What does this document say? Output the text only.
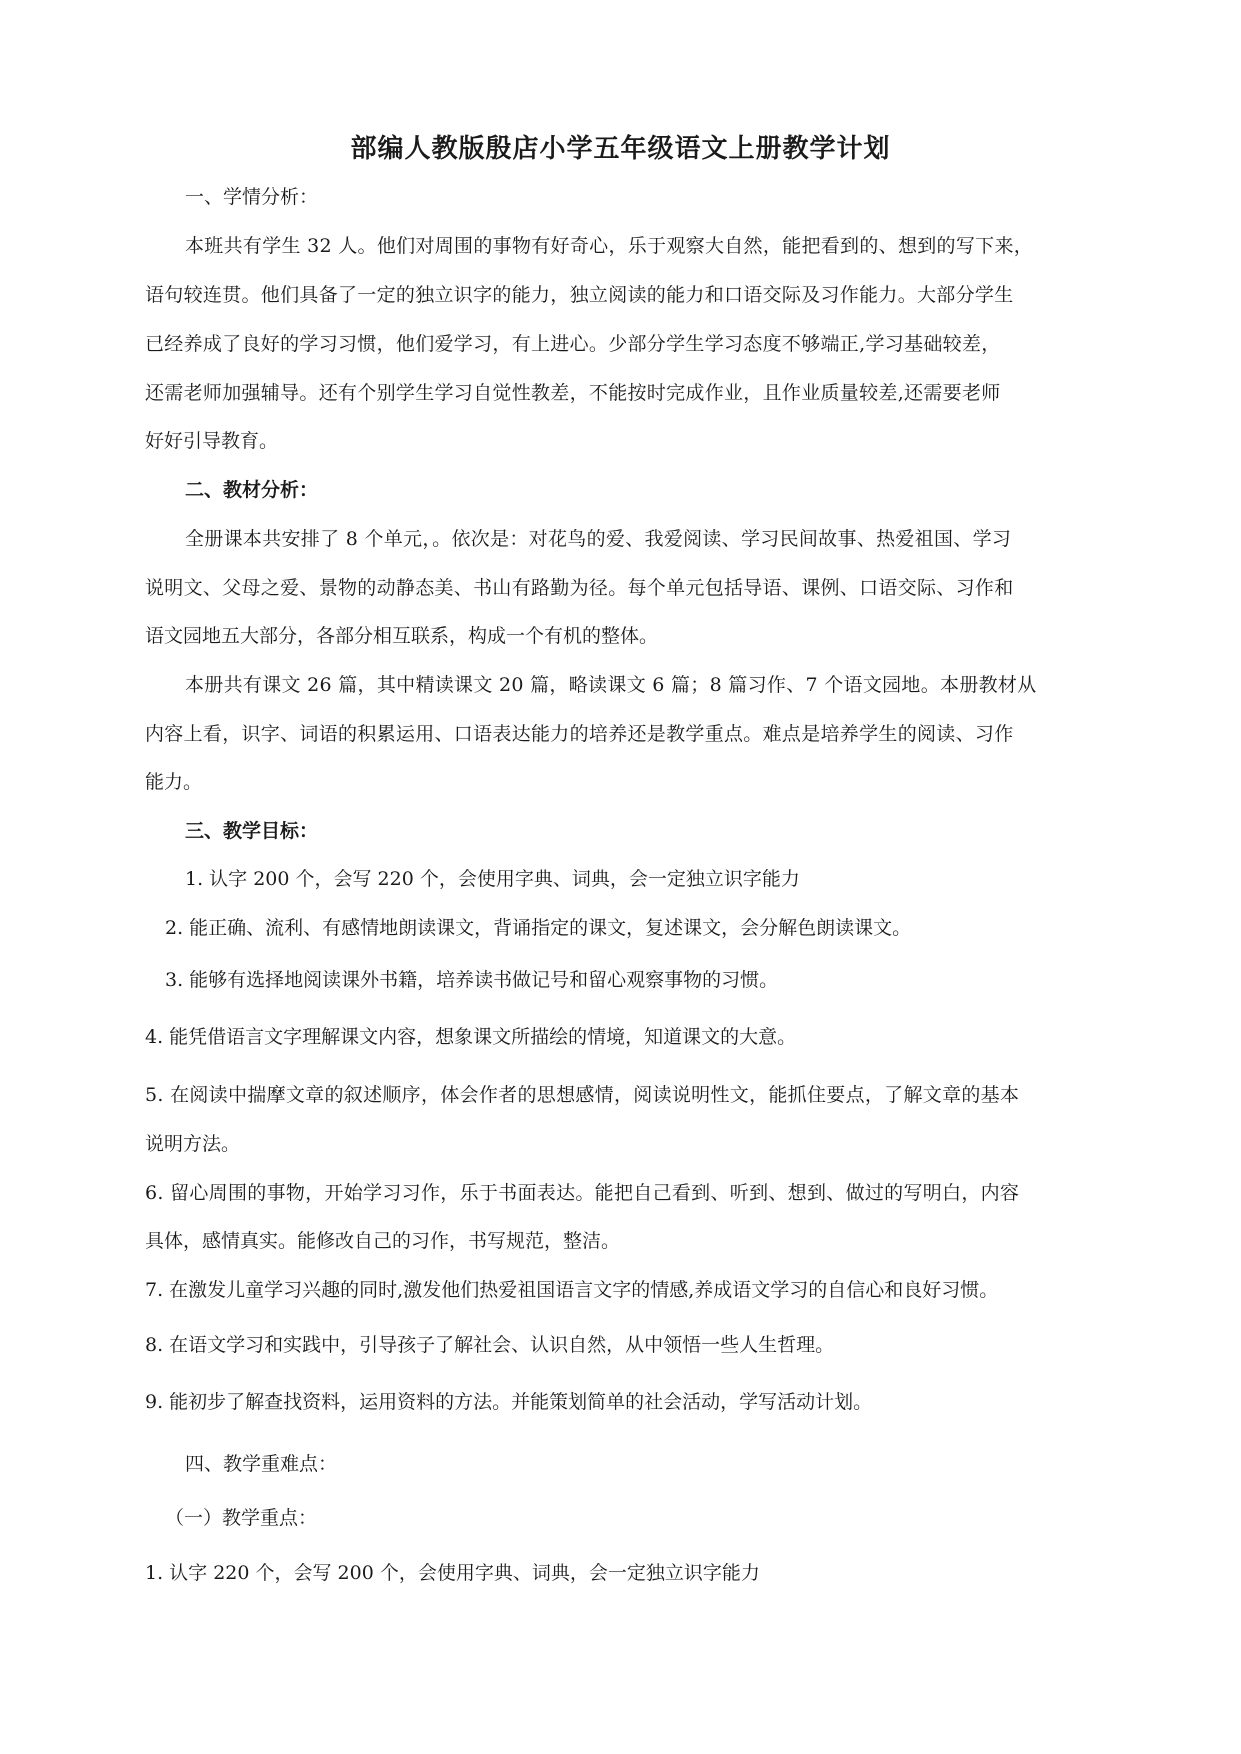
部编人教版殷店小学五年级语文上册教学计划
一、学情分析：
本班共有学生 32 人。他们对周围的事物有好奇心，乐于观察大自然，能把看到的、想到的写下来，
语句较连贯。他们具备了一定的独立识字的能力，独立阅读的能力和口语交际及习作能力。大部分学生
已经养成了良好的学习习惯，他们爱学习，有上进心。少部分学生学习态度不够端正,学习基础较差，
还需老师加强辅导。还有个别学生学习自觉性教差，不能按时完成作业，且作业质量较差,还需要老师
好好引导教育。
二、教材分析：
全册课本共安排了 8 个单元，。依次是：对花鸟的爱、我爱阅读、学习民间故事、热爱祖国、学习
说明文、父母之爱、景物的动静态美、书山有路勤为径。每个单元包括导语、课例、口语交际、习作和
语文园地五大部分，各部分相互联系，构成一个有机的整体。
本册共有课文 26 篇，其中精读课文 20 篇，略读课文 6 篇；8 篇习作、7 个语文园地。本册教材从
内容上看，识字、词语的积累运用、口语表达能力的培养还是教学重点。难点是培养学生的阅读、习作
能力。
三、教学目标：
1. 认字 200 个，会写 220 个，会使用字典、词典，会一定独立识字能力
2. 能正确、流利、有感情地朗读课文，背诵指定的课文，复述课文，会分解色朗读课文。
3. 能够有选择地阅读课外书籍，培养读书做记号和留心观察事物的习惯。
4. 能凭借语言文字理解课文内容，想象课文所描绘的情境，知道课文的大意。
5. 在阅读中揣摩文章的叙述顺序，体会作者的思想感情，阅读说明性文，能抓住要点，了解文章的基本
说明方法。
6. 留心周围的事物，开始学习习作，乐于书面表达。能把自己看到、听到、想到、做过的写明白，内容
具体，感情真实。能修改自己的习作，书写规范，整洁。
7. 在激发儿童学习兴趣的同时,激发他们热爱祖国语言文字的情感,养成语文学习的自信心和良好习惯。
8. 在语文学习和实践中，引导孩子了解社会、认识自然，从中领悟一些人生哲理。
9. 能初步了解查找资料，运用资料的方法。并能策划简单的社会活动，学写活动计划。
四、教学重难点：
（一）教学重点：
1. 认字 220 个，会写 200 个，会使用字典、词典，会一定独立识字能力
